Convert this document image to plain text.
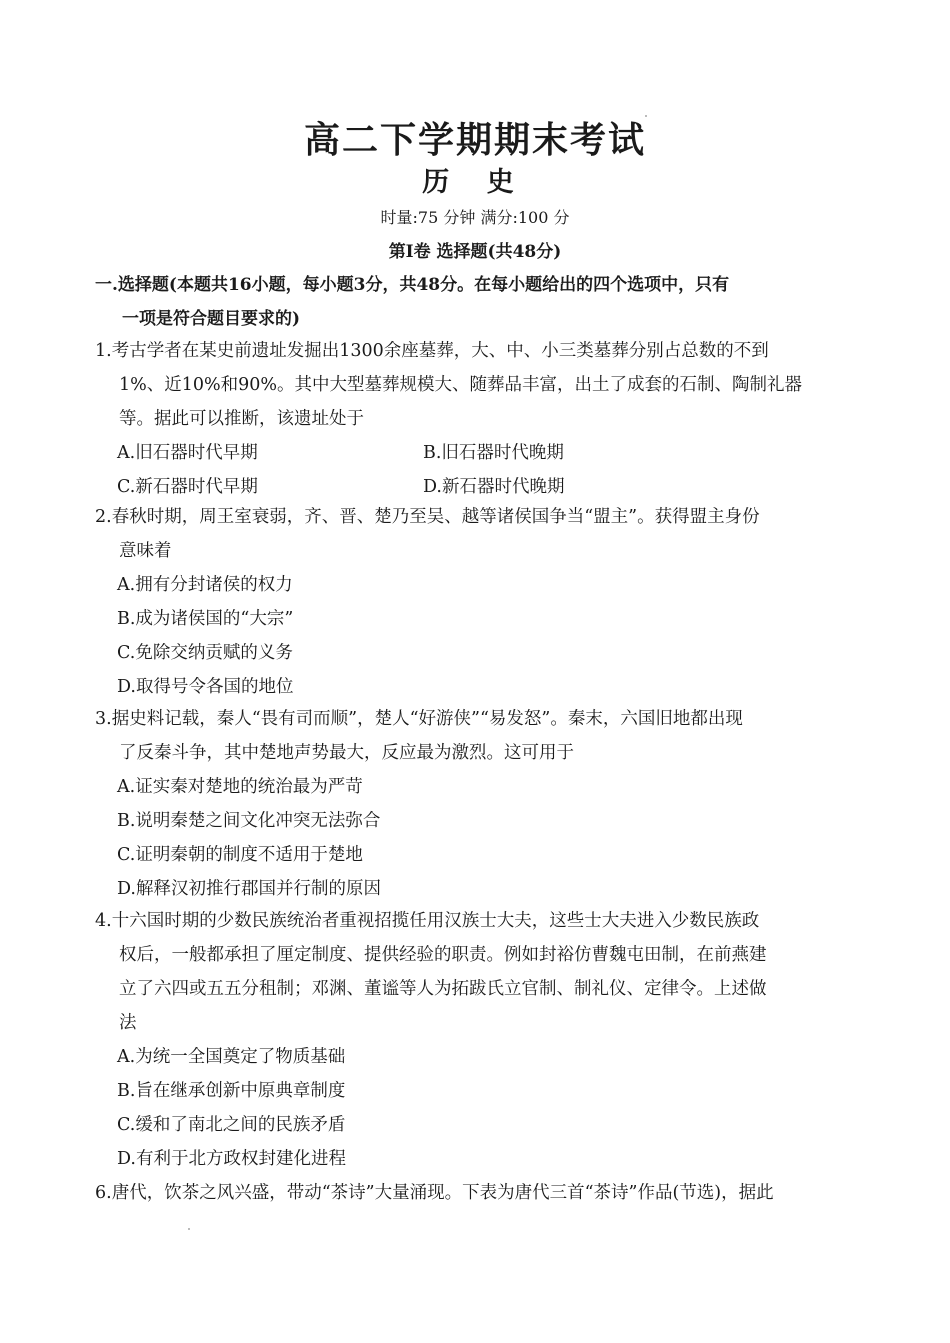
高二下学期期末考试
历 史
时量:75 分钟 满分:100 分
第Ⅰ卷 选择题(共48分)
一.选择题(本题共16小题，每小题3分，共48分。在每小题给出的四个选项中，只有
一项是符合题目要求的)
1.考古学者在某史前遗址发掘出1300余座墓葬，大、中、小三类墓葬分别占总数的不到
1%、近10%和90%。其中大型墓葬规模大、随葬品丰富，出土了成套的石制、陶制礼器
等。据此可以推断，该遗址处于
A.旧石器时代早期	B.旧石器时代晚期
C.新石器时代早期	D.新石器时代晚期
2.春秋时期，周王室衰弱，齐、晋、楚乃至吴、越等诸侯国争当“盟主”。获得盟主身份
意味着
A.拥有分封诸侯的权力
B.成为诸侯国的“大宗”
C.免除交纳贡赋的义务
D.取得号令各国的地位
3.据史料记载，秦人“畏有司而顺”，楚人“好游侠”“易发怒”。秦末，六国旧地都出现
了反秦斗争，其中楚地声势最大，反应最为激烈。这可用于
A.证实秦对楚地的统治最为严苛
B.说明秦楚之间文化冲突无法弥合
C.证明秦朝的制度不适用于楚地
D.解释汉初推行郡国并行制的原因
4.十六国时期的少数民族统治者重视招揽任用汉族士大夫，这些士大夫进入少数民族政
权后，一般都承担了厘定制度、提供经验的职责。例如封裕仿曹魏屯田制，在前燕建
立了六四或五五分租制；邓渊、董谧等人为拓跋氏立官制、制礼仪、定律令。上述做
法
A.为统一全国奠定了物质基础
B.旨在继承创新中原典章制度
C.缓和了南北之间的民族矛盾
D.有利于北方政权封建化进程
6.唐代，饮茶之风兴盛，带动“茶诗”大量涌现。下表为唐代三首“茶诗”作品(节选)，据此
